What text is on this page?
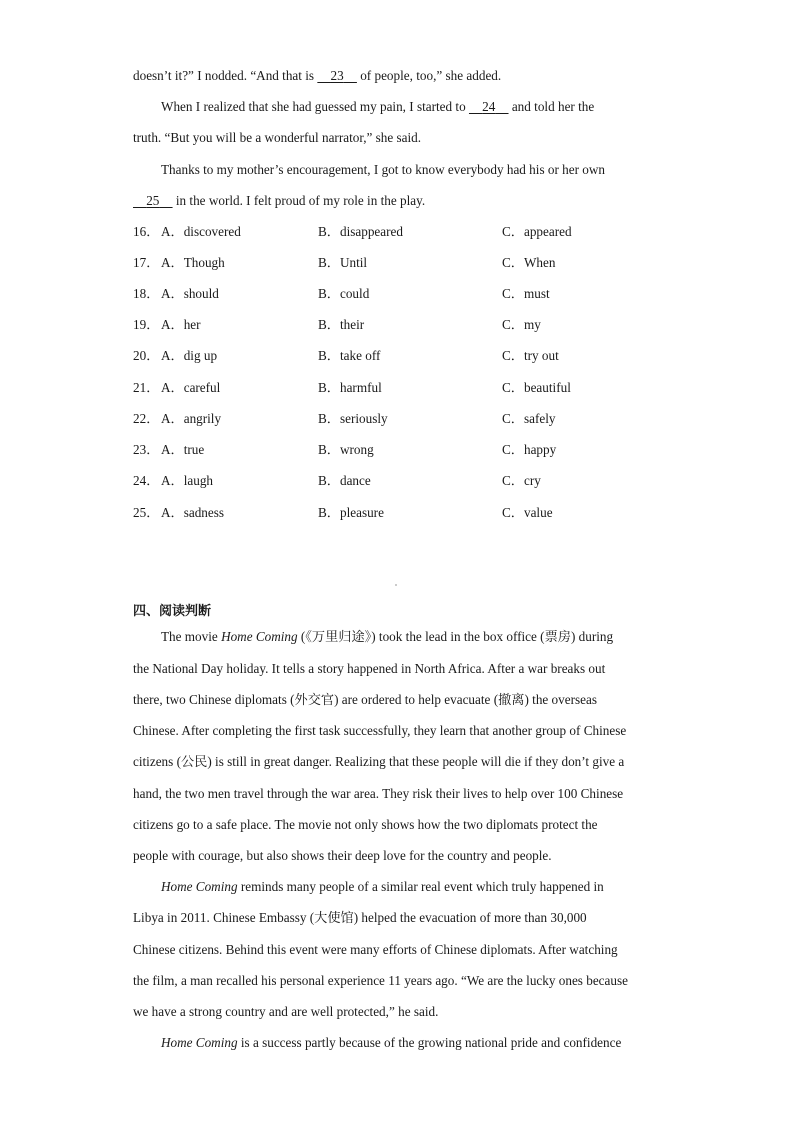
doesn’t it?” I nodded. “And that is     23     of people, too,” she added.
When I realized that she had guessed my pain, I started to     24     and told her the
truth. “But you will be a wonderful narrator,” she said.
Thanks to my mother’s encouragement, I got to know everybody had his or her own
25     in the world. I felt proud of my role in the play.
16． A．discovered	B．disappeared	C．appeared
17． A．Though	B．Until	C．When
18． A．should	B．could	C．must
19． A．her	B．their	C．my
20． A．dig up	B．take off	C．try out
21． A．careful	B．harmful	C．beautiful
22． A．angrily	B．seriously	C．safely
23． A．true	B．wrong	C．happy
24． A．laugh	B．dance	C．cry
25． A．sadness	B．pleasure	C．value
四、阅读判断
The movie Home Coming (《万里归途》) took the lead in the box office (票房) during
the National Day holiday. It tells a story happened in North Africa. After a war breaks out
there, two Chinese diplomats (外交官) are ordered to help evacuate (撤离) the overseas
Chinese. After completing the first task successfully, they learn that another group of Chinese
citizens (公民) is still in great danger. Realizing that these people will die if they don’t give a
hand, the two men travel through the war area. They risk their lives to help over 100 Chinese
citizens go to a safe place. The movie not only shows how the two diplomats protect the
people with courage, but also shows their deep love for the country and people.
Home Coming reminds many people of a similar real event which truly happened in
Libya in 2011. Chinese Embassy (大使馆) helped the evacuation of more than 30,000
Chinese citizens. Behind this event were many efforts of Chinese diplomats. After watching
the film, a man recalled his personal experience 11 years ago. “We are the lucky ones because
we have a strong country and are well protected,” he said.
Home Coming is a success partly because of the growing national pride and confidence
